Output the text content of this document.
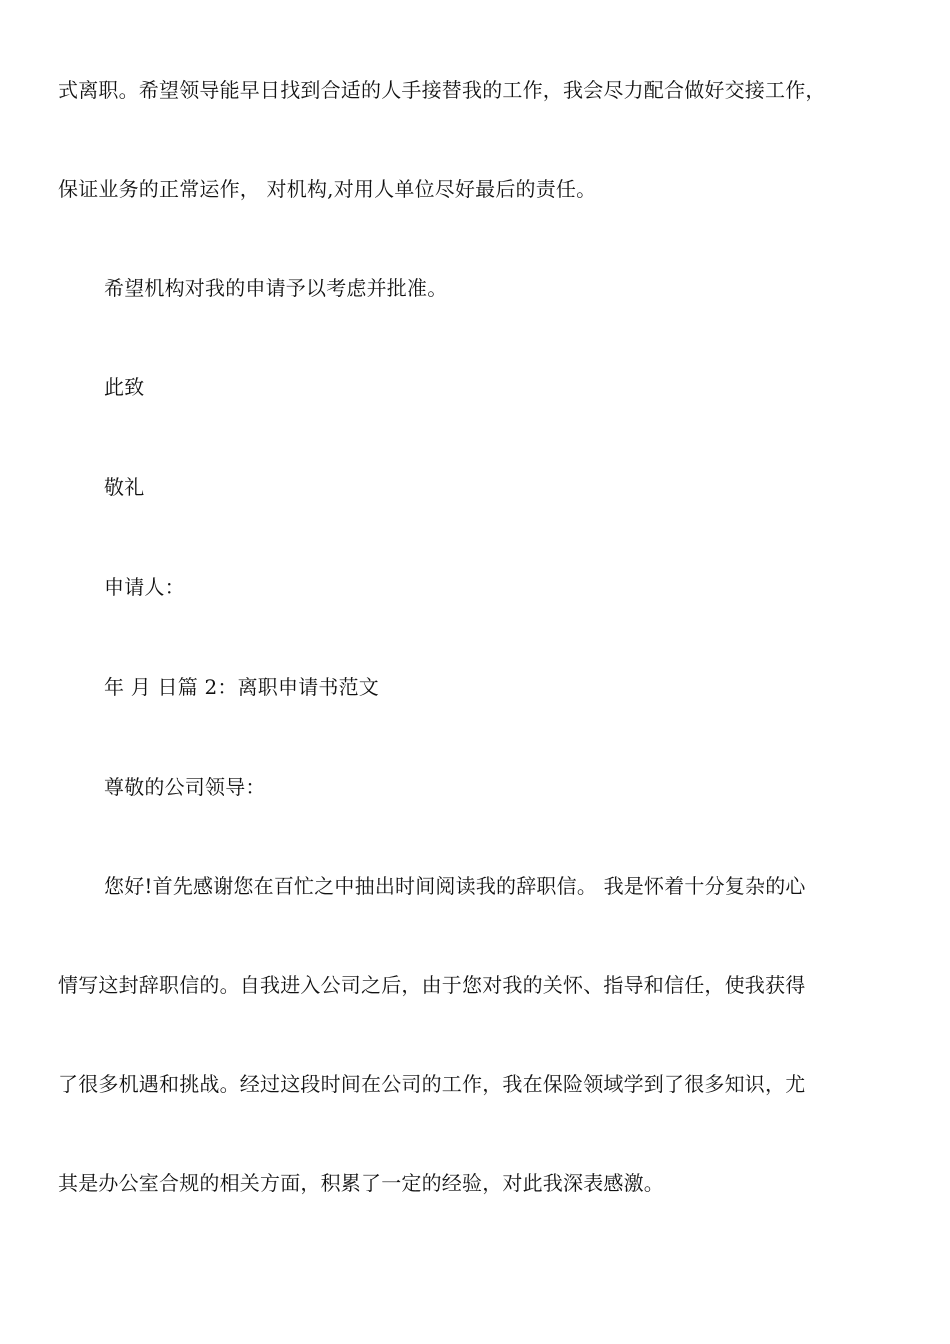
式离职。希望领导能早日找到合适的人手接替我的工作，我会尽力配合做好交接工作，
保证业务的正常运作， 对机构,对用人单位尽好最后的责任。
希望机构对我的申请予以考虑并批准。
此致
敬礼
申请人：
年 月 日篇 2：离职申请书范文
尊敬的公司领导：
您好!首先感谢您在百忙之中抽出时间阅读我的辞职信。 我是怀着十分复杂的心
情写这封辞职信的。自我进入公司之后，由于您对我的关怀、指导和信任，使我获得
了很多机遇和挑战。经过这段时间在公司的工作，我在保险领域学到了很多知识，尤
其是办公室合规的相关方面，积累了一定的经验，对此我深表感激。
